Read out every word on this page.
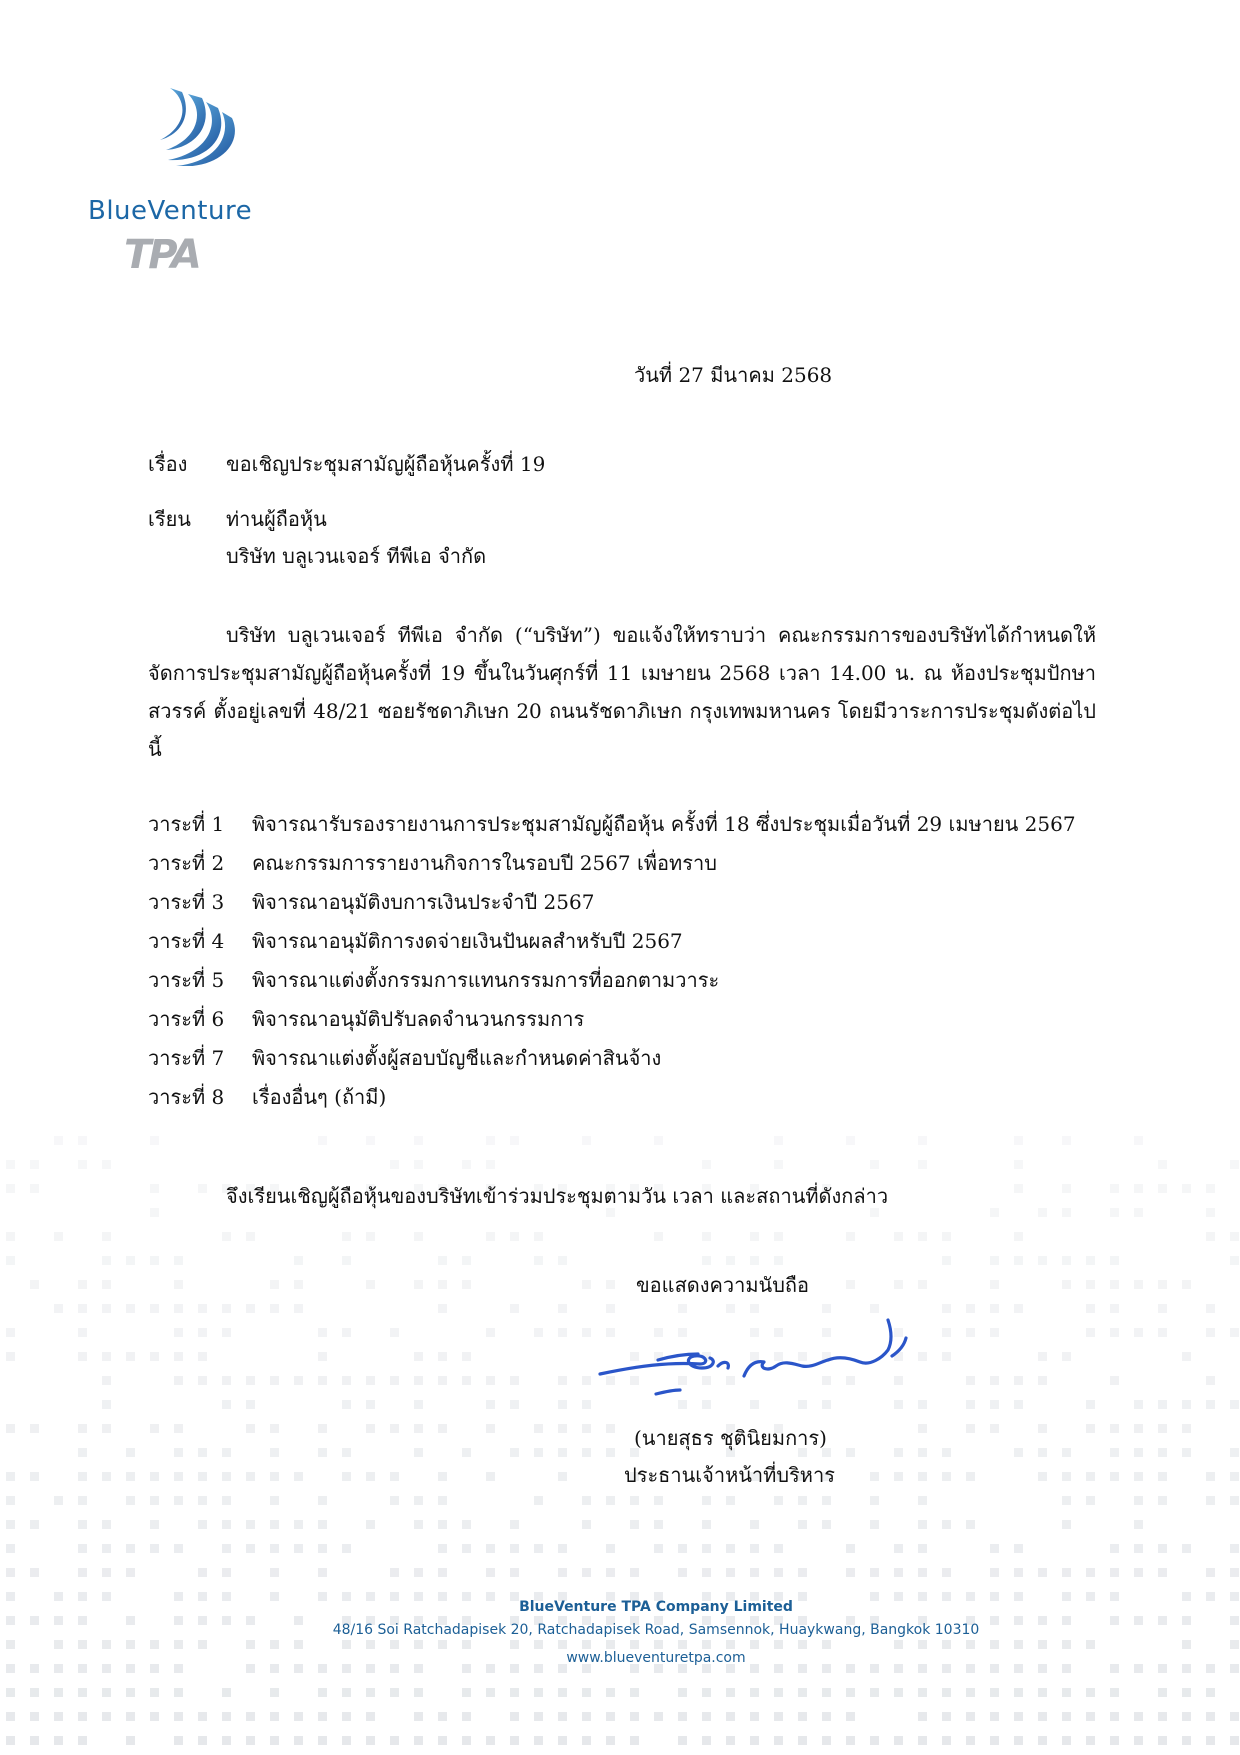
BlueVenture

TPA

วันที่ 27 มีนาคม 2568
เรื่อง ขอเชิญประชุมสามัญผู้ถือหุ้นครั้งที่ 19
เรียน ท่านผู้ถือหุ้น
บริษัท บลูเวนเจอร์ ทีพีเอ จำกัด

บริษัท บลูเวนเจอร์ ทีพีเอ จำกัด (“บริษัท”) ขอแจ้งให้ทราบว่า คณะกรรมการของบริษัทได้กำหนดให้จัดการประชุมสามัญผู้ถือหุ้นครั้งที่ 19 ขึ้นในวันศุกร์ที่ 11 เมษายน 2568 เวลา 14.00 น. ณ ห้องประชุมปักษาสวรรค์ ตั้งอยู่เลขที่ 48/21 ซอยรัชดาภิเษก 20 ถนนรัชดาภิเษก กรุงเทพมหานคร โดยมีวาระการประชุมดังต่อไปนี้

วาระที่ 1	พิจารณารับรองรายงานการประชุมสามัญผู้ถือหุ้น ครั้งที่ 18 ซึ่งประชุมเมื่อวันที่ 29 เมษายน 2567
วาระที่ 2	คณะกรรมการรายงานกิจการในรอบปี 2567 เพื่อทราบ
วาระที่ 3	พิจารณาอนุมัติงบการเงินประจำปี 2567
วาระที่ 4	พิจารณาอนุมัติการงดจ่ายเงินปันผลสำหรับปี 2567
วาระที่ 5	พิจารณาแต่งตั้งกรรมการแทนกรรมการที่ออกตามวาระ
วาระที่ 6	พิจารณาอนุมัติปรับลดจำนวนกรรมการ
วาระที่ 7	พิจารณาแต่งตั้งผู้สอบบัญชีและกำหนดค่าสินจ้าง
วาระที่ 8	เรื่องอื่นๆ (ถ้ามี)
จึงเรียนเชิญผู้ถือหุ้นของบริษัทเข้าร่วมประชุมตามวัน เวลา และสถานที่ดังกล่าว
ขอแสดงความนับถือ
(นายสุธร ชุตินิยมการ)
ประธานเจ้าหน้าที่บริหาร

BlueVenture TPA Company Limited

48/16 Soi Ratchadapisek 20, Ratchadapisek Road, Samsennok, Huaykwang, Bangkok 10310

www.blueventuretpa.com
